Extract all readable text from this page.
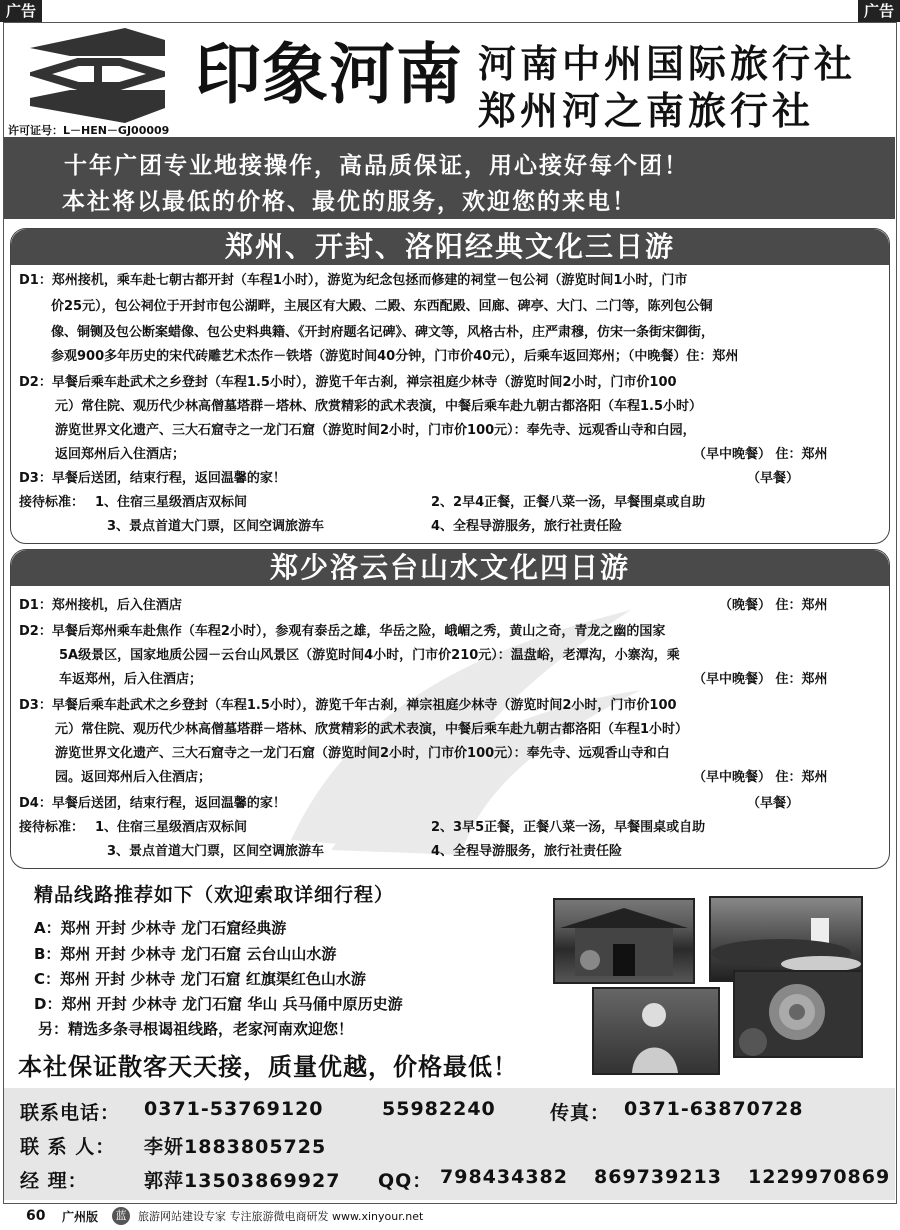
广告	广告
印象河南 河南中州国际旅行社
郑州河之南旅行社
许可证号：L－HEN－GJ00009
十年广团专业地接操作，高品质保证，用心接好每个团！
本社将以最低的价格、最优的服务，欢迎您的来电！
郑州、开封、洛阳经典文化三日游
D1：郑州接机，乘车赴七朝古都开封（车程1小时），游览为纪念包拯而修建的祠堂－包公祠（游览时间1小时，门市
价25元），包公祠位于开封市包公湖畔，主展区有大殿、二殿、东西配殿、回廊、碑亭、大门、二门等，陈列包公铜
像、铜铡及包公断案蜡像、包公史料典籍、《开封府题名记碑》、碑文等，风格古朴，庄严肃穆，仿宋一条街宋御街，
参观900多年历史的宋代砖雕艺术杰作－铁塔（游览时间40分钟，门市价40元），后乘车返回郑州；（中晚餐）住：郑州
D2：早餐后乘车赴武术之乡登封（车程1.5小时），游览千年古刹，禅宗祖庭少林寺（游览时间2小时，门市价100
元）常住院、观历代少林高僧墓塔群－塔林、欣赏精彩的武术表演，中餐后乘车赴九朝古都洛阳（车程1.5小时）
游览世界文化遗产、三大石窟寺之一龙门石窟（游览时间2小时，门市价100元）：奉先寺、远观香山寺和白园，
返回郑州后入住酒店；	（早中晚餐） 住：郑州
D3：早餐后送团，结束行程，返回温馨的家！	（早餐）
接待标准： 1、住宿三星级酒店双标间	2、2早4正餐，正餐八菜一汤，早餐围桌或自助
3、景点首道大门票，区间空调旅游车	4、全程导游服务，旅行社责任险
郑少洛云台山水文化四日游
D1：郑州接机，后入住酒店	（晚餐） 住：郑州
D2：早餐后郑州乘车赴焦作（车程2小时），参观有泰岳之雄，华岳之险，峨嵋之秀，黄山之奇，青龙之幽的国家
5A级景区，国家地质公园－云台山风景区（游览时间4小时，门市价210元）：温盘峪，老潭沟，小寨沟，乘
车返郑州，后入住酒店；	（早中晚餐） 住：郑州
D3：早餐后乘车赴武术之乡登封（车程1.5小时），游览千年古刹，禅宗祖庭少林寺（游览时间2小时，门市价100
元）常住院、观历代少林高僧墓塔群－塔林、欣赏精彩的武术表演，中餐后乘车赴九朝古都洛阳（车程1小时）
游览世界文化遗产、三大石窟寺之一龙门石窟（游览时间2小时，门市价100元）：奉先寺、远观香山寺和白
园。返回郑州后入住酒店；	（早中晚餐） 住：郑州
D4：早餐后送团，结束行程，返回温馨的家！	（早餐）
接待标准： 1、住宿三星级酒店双标间	2、3早5正餐，正餐八菜一汤，早餐围桌或自助
3、景点首道大门票，区间空调旅游车	4、全程导游服务，旅行社责任险
精品线路推荐如下（欢迎索取详细行程）
A：郑州 开封 少林寺 龙门石窟经典游
B：郑州 开封 少林寺 龙门石窟 云台山山水游
C：郑州 开封 少林寺 龙门石窟 红旗渠红色山水游
D：郑州 开封 少林寺 龙门石窟 华山 兵马俑中原历史游
另：精选多条寻根谒祖线路，老家河南欢迎您！
本社保证散客天天接，质量优越，价格最低！
联系电话： 0371-53769120	55982240	传真： 0371-63870728
联 系 人： 李妍1883805725
经 理：	郭萍13503869927 QQ： 798434382 869739213 1229970869
60 广州版	蓝	旅游网站建设专家 专注旅游微电商研发 www.xinyour.net
